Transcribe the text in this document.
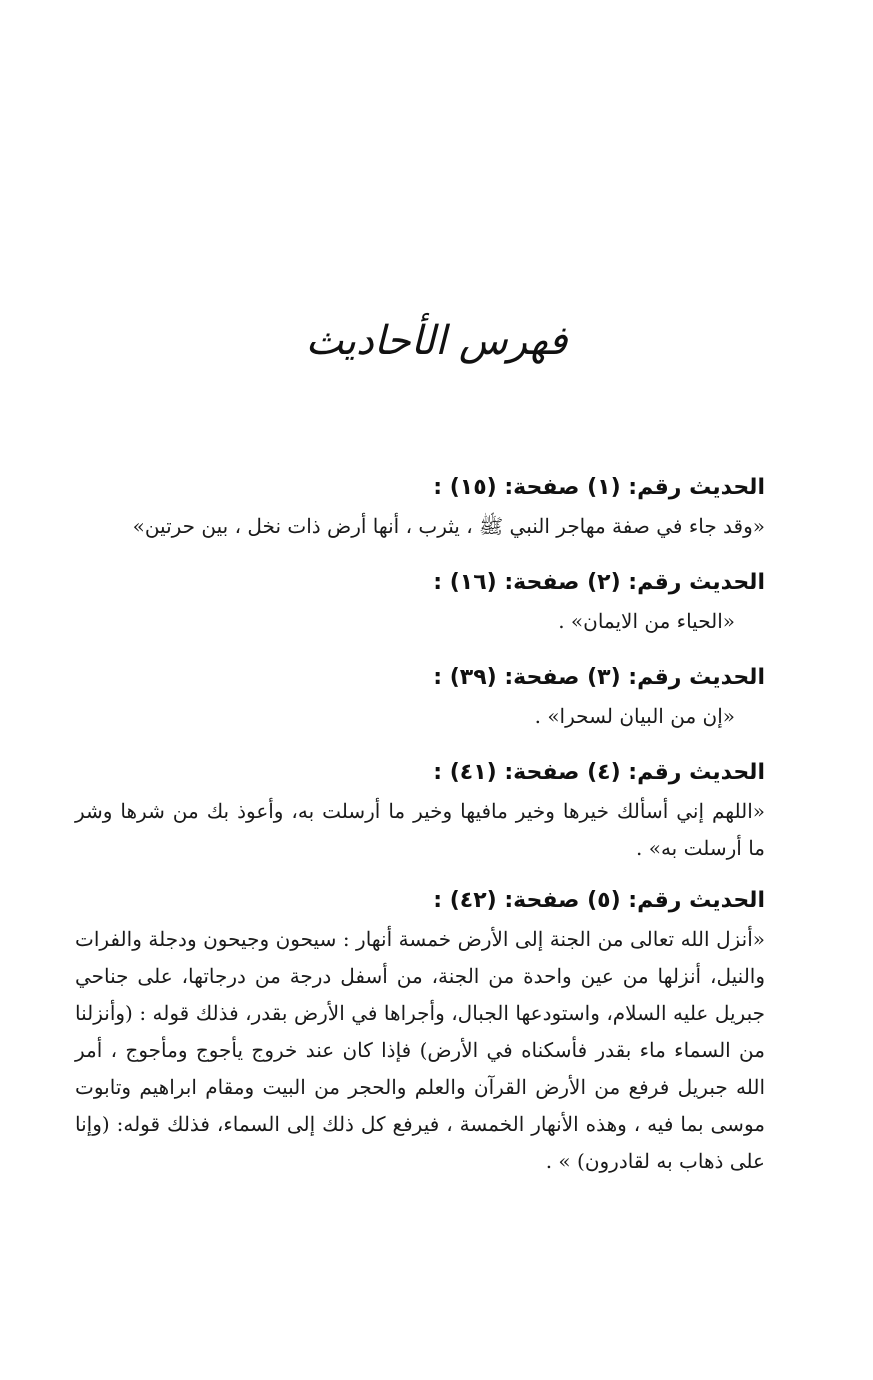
فهرس الأحاديث
الحديث رقم: (١) صفحة: (١٥) :
«وقد جاء في صفة مهاجر النبي ﷺ ، يثرب ، أنها أرض ذات نخل ، بين حرتين»
الحديث رقم: (٢) صفحة: (١٦) :
«الحياء من الايمان» .
الحديث رقم: (٣) صفحة: (٣٩) :
«إن من البيان لسحرا» .
الحديث رقم: (٤) صفحة: (٤١) :
«اللهم إني أسألك خيرها وخير مافيها وخير ما أرسلت به، وأعوذ بك من شرها وشر ما أرسلت به» .
الحديث رقم: (٥) صفحة: (٤٢) :
«أنزل الله تعالى من الجنة إلى الأرض خمسة أنهار : سيحون وجيحون ودجلة والفرات والنيل، أنزلها من عين واحدة من الجنة، من أسفل درجة من درجاتها، على جناحي جبريل عليه السلام، واستودعها الجبال، وأجراها في الأرض بقدر، فذلك قوله : (وأنزلنا من السماء ماء بقدر فأسكناه في الأرض) فإذا كان عند خروج يأجوج ومأجوج ، أمر الله جبريل فرفع من الأرض القرآن والعلم والحجر من البيت ومقام ابراهيم وتابوت موسى بما فيه ، وهذه الأنهار الخمسة ، فيرفع كل ذلك إلى السماء، فذلك قوله: (وإنا على ذهاب به لقادرون) » .
